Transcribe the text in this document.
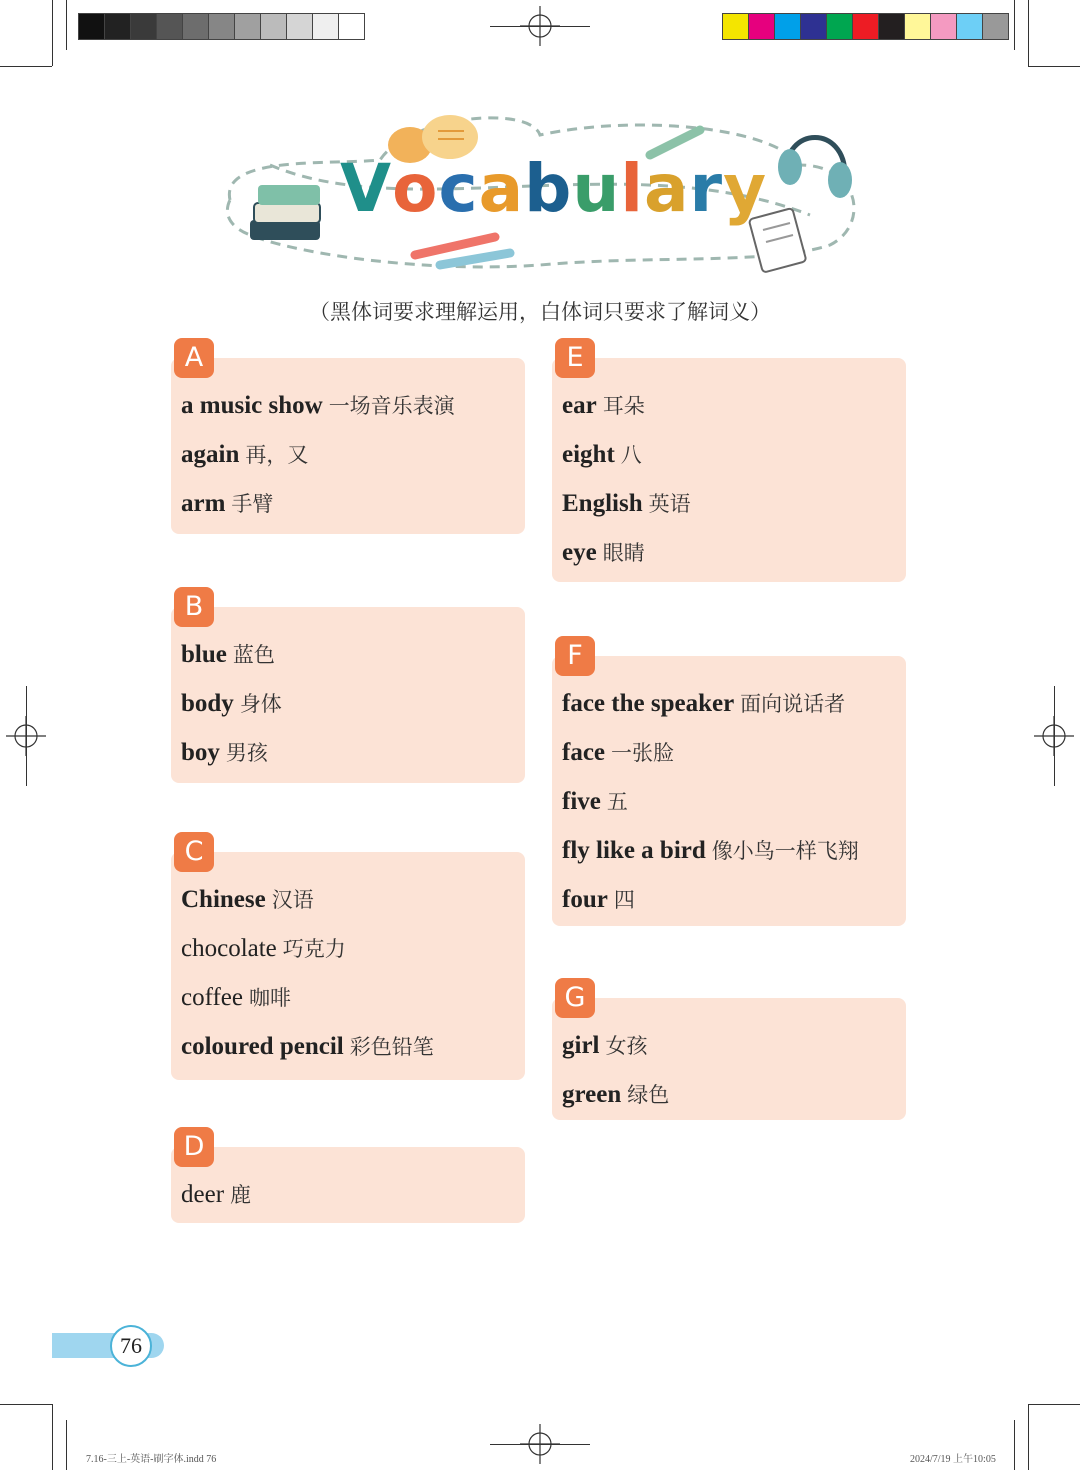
Vocabulary
（黑体词要求理解运用，白体词只要求了解词义）
A
a music show 一场音乐表演
again 再，又
arm 手臂
B
blue 蓝色
body 身体
boy 男孩
C
Chinese 汉语
chocolate 巧克力
coffee 咖啡
coloured pencil 彩色铅笔
D
deer 鹿
E
ear 耳朵
eight 八
English 英语
eye 眼睛
F
face the speaker 面向说话者
face 一张脸
five 五
fly like a bird 像小鸟一样飞翔
four 四
G
girl 女孩
green 绿色
76
7.16-三上-英语-刷字体.indd 76	2024/7/19 上午10:05
